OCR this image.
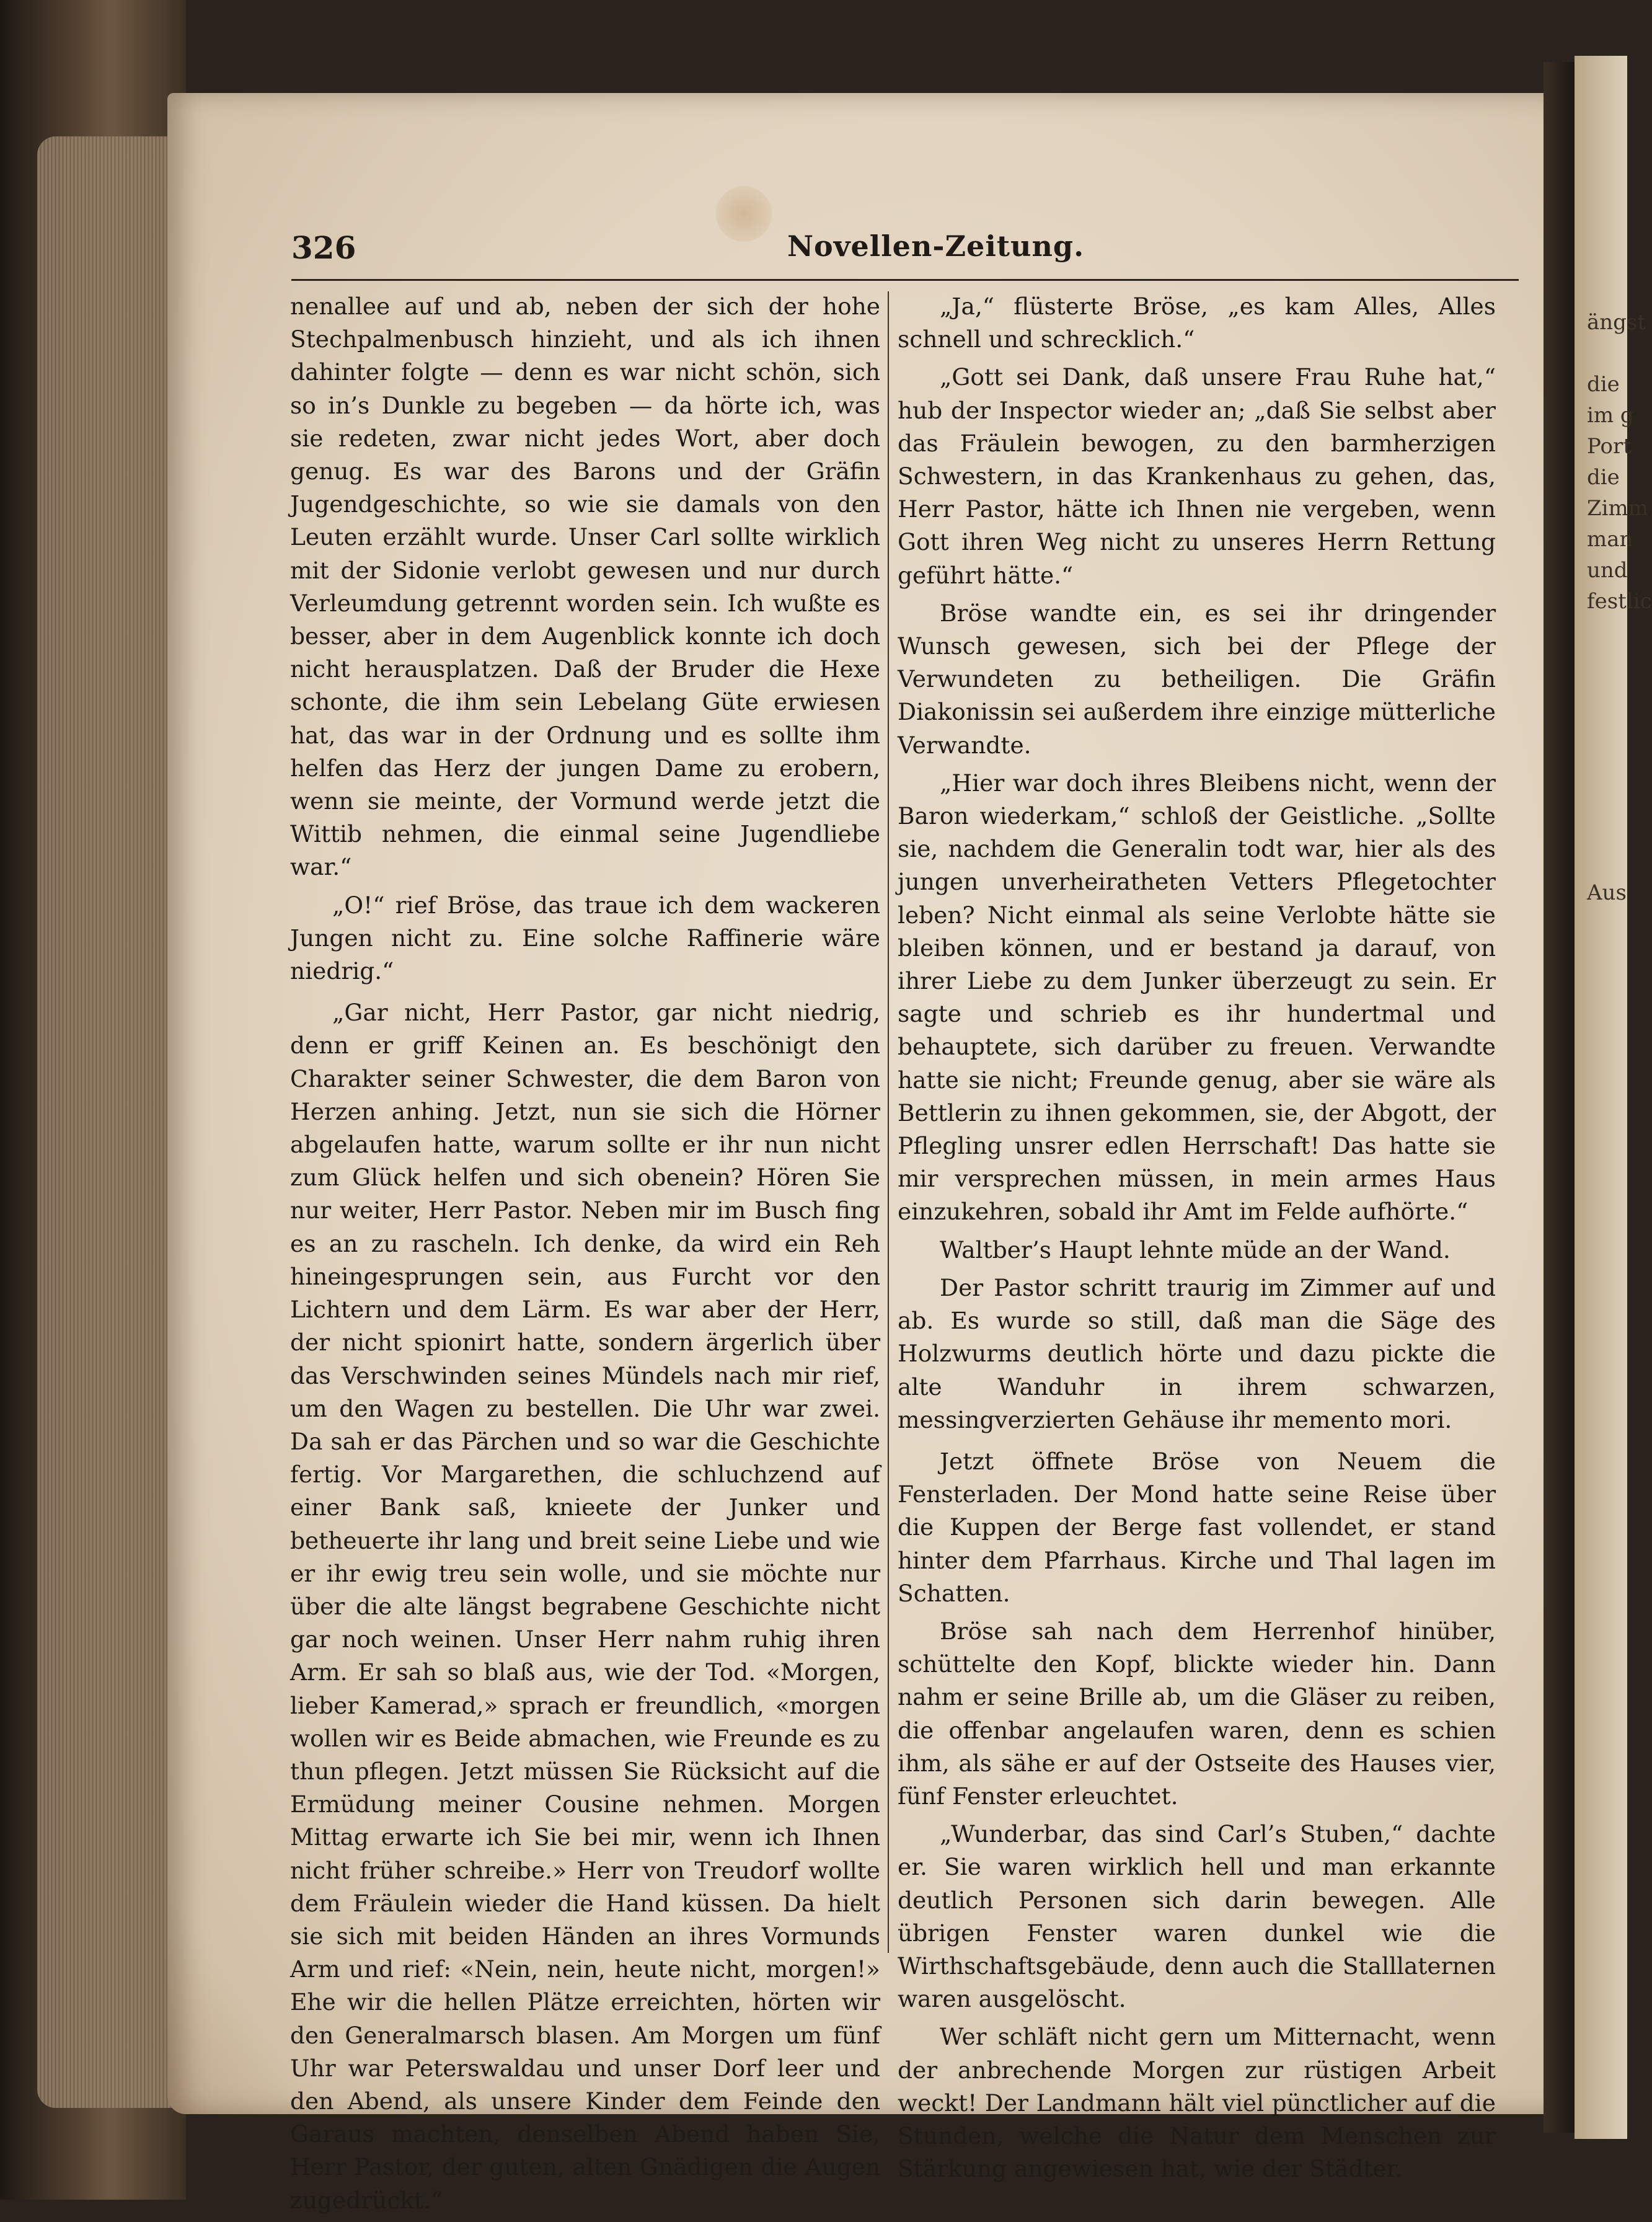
ängst
die
im g
Port
die
Zimm
man
und
festlic
Aus
326	Novellen-Zeitung.

nenallee auf und ab, neben der sich der hohe Stechpalmenbusch hinzieht, und als ich ihnen dahinter folgte — denn es war nicht schön, sich so in’s Dunkle zu begeben — da hörte ich, was sie redeten, zwar nicht jedes Wort, aber doch genug. Es war des Barons und der Gräfin Jugendgeschichte, so wie sie damals von den Leuten erzählt wurde. Unser Carl sollte wirklich mit der Sidonie verlobt gewesen und nur durch Verleumdung getrennt worden sein. Ich wußte es besser, aber in dem Augenblick konnte ich doch nicht herausplatzen. Daß der Bruder die Hexe schonte, die ihm sein Lebelang Güte erwiesen hat, das war in der Ordnung und es sollte ihm helfen das Herz der jungen Dame zu erobern, wenn sie meinte, der Vormund werde jetzt die Wittib nehmen, die einmal seine Jugendliebe war.“

„O!“ rief Bröse, das traue ich dem wackeren Jungen nicht zu. Eine solche Raffinerie wäre niedrig.“

„Gar nicht, Herr Pastor, gar nicht niedrig, denn er griff Keinen an. Es beschönigt den Charakter seiner Schwester, die dem Baron von Herzen anhing. Jetzt, nun sie sich die Hörner abgelaufen hatte, warum sollte er ihr nun nicht zum Glück helfen und sich obenein? Hören Sie nur weiter, Herr Pastor. Neben mir im Busch fing es an zu rascheln. Ich denke, da wird ein Reh hineingesprungen sein, aus Furcht vor den Lichtern und dem Lärm. Es war aber der Herr, der nicht spionirt hatte, sondern ärgerlich über das Verschwinden seines Mündels nach mir rief, um den Wagen zu bestellen. Die Uhr war zwei. Da sah er das Pärchen und so war die Geschichte fertig. Vor Margarethen, die schluchzend auf einer Bank saß, knieete der Junker und betheuerte ihr lang und breit seine Liebe und wie er ihr ewig treu sein wolle, und sie möchte nur über die alte längst begrabene Geschichte nicht gar noch weinen. Unser Herr nahm ruhig ihren Arm. Er sah so blaß aus, wie der Tod. «Morgen, lieber Kamerad,» sprach er freundlich, «morgen wollen wir es Beide abmachen, wie Freunde es zu thun pflegen. Jetzt müssen Sie Rücksicht auf die Ermüdung meiner Cousine nehmen. Morgen Mittag erwarte ich Sie bei mir, wenn ich Ihnen nicht früher schreibe.» Herr von Treudorf wollte dem Fräulein wieder die Hand küssen. Da hielt sie sich mit beiden Händen an ihres Vormunds Arm und rief: «Nein, nein, heute nicht, morgen!» Ehe wir die hellen Plätze erreichten, hörten wir den Generalmarsch blasen. Am Morgen um fünf Uhr war Peterswaldau und unser Dorf leer und den Abend, als unsere Kinder dem Feinde den Garaus machten, denselben Abend haben Sie, Herr Pastor, der guten, alten Gnädigen die Augen zugedrückt.“

„Ja,“ flüsterte Bröse, „es kam Alles, Alles schnell und schrecklich.“

„Gott sei Dank, daß unsere Frau Ruhe hat,“ hub der Inspector wieder an; „daß Sie selbst aber das Fräulein bewogen, zu den barmherzigen Schwestern, in das Krankenhaus zu gehen, das, Herr Pastor, hätte ich Ihnen nie vergeben, wenn Gott ihren Weg nicht zu unseres Herrn Rettung geführt hätte.“

Bröse wandte ein, es sei ihr dringender Wunsch gewesen, sich bei der Pflege der Verwundeten zu betheiligen. Die Gräfin Diakonissin sei außerdem ihre einzige mütterliche Verwandte.

„Hier war doch ihres Bleibens nicht, wenn der Baron wiederkam,“ schloß der Geistliche. „Sollte sie, nachdem die Generalin todt war, hier als des jungen unverheiratheten Vetters Pflegetochter leben? Nicht einmal als seine Verlobte hätte sie bleiben können, und er bestand ja darauf, von ihrer Liebe zu dem Junker überzeugt zu sein. Er sagte und schrieb es ihr hundertmal und behauptete, sich darüber zu freuen. Verwandte hatte sie nicht; Freunde genug, aber sie wäre als Bettlerin zu ihnen gekommen, sie, der Abgott, der Pflegling unsrer edlen Herrschaft! Das hatte sie mir versprechen müssen, in mein armes Haus einzukehren, sobald ihr Amt im Felde aufhörte.“

Waltber’s Haupt lehnte müde an der Wand.

Der Pastor schritt traurig im Zimmer auf und ab. Es wurde so still, daß man die Säge des Holzwurms deutlich hörte und dazu pickte die alte Wanduhr in ihrem schwarzen, messingverzierten Gehäuse ihr memento mori.

Jetzt öffnete Bröse von Neuem die Fensterladen. Der Mond hatte seine Reise über die Kuppen der Berge fast vollendet, er stand hinter dem Pfarrhaus. Kirche und Thal lagen im Schatten.

Bröse sah nach dem Herrenhof hinüber, schüttelte den Kopf, blickte wieder hin. Dann nahm er seine Brille ab, um die Gläser zu reiben, die offenbar angelaufen waren, denn es schien ihm, als sähe er auf der Ostseite des Hauses vier, fünf Fenster erleuchtet.

„Wunderbar, das sind Carl’s Stuben,“ dachte er. Sie waren wirklich hell und man erkannte deutlich Personen sich darin bewegen. Alle übrigen Fenster waren dunkel wie die Wirthschaftsgebäude, denn auch die Stalllaternen waren ausgelöscht.

Wer schläft nicht gern um Mitternacht, wenn der anbrechende Morgen zur rüstigen Arbeit weckt! Der Landmann hält viel pünctlicher auf die Stunden, welche die Natur dem Menschen zur Stärkung angewiesen hat, wie der Städter.
